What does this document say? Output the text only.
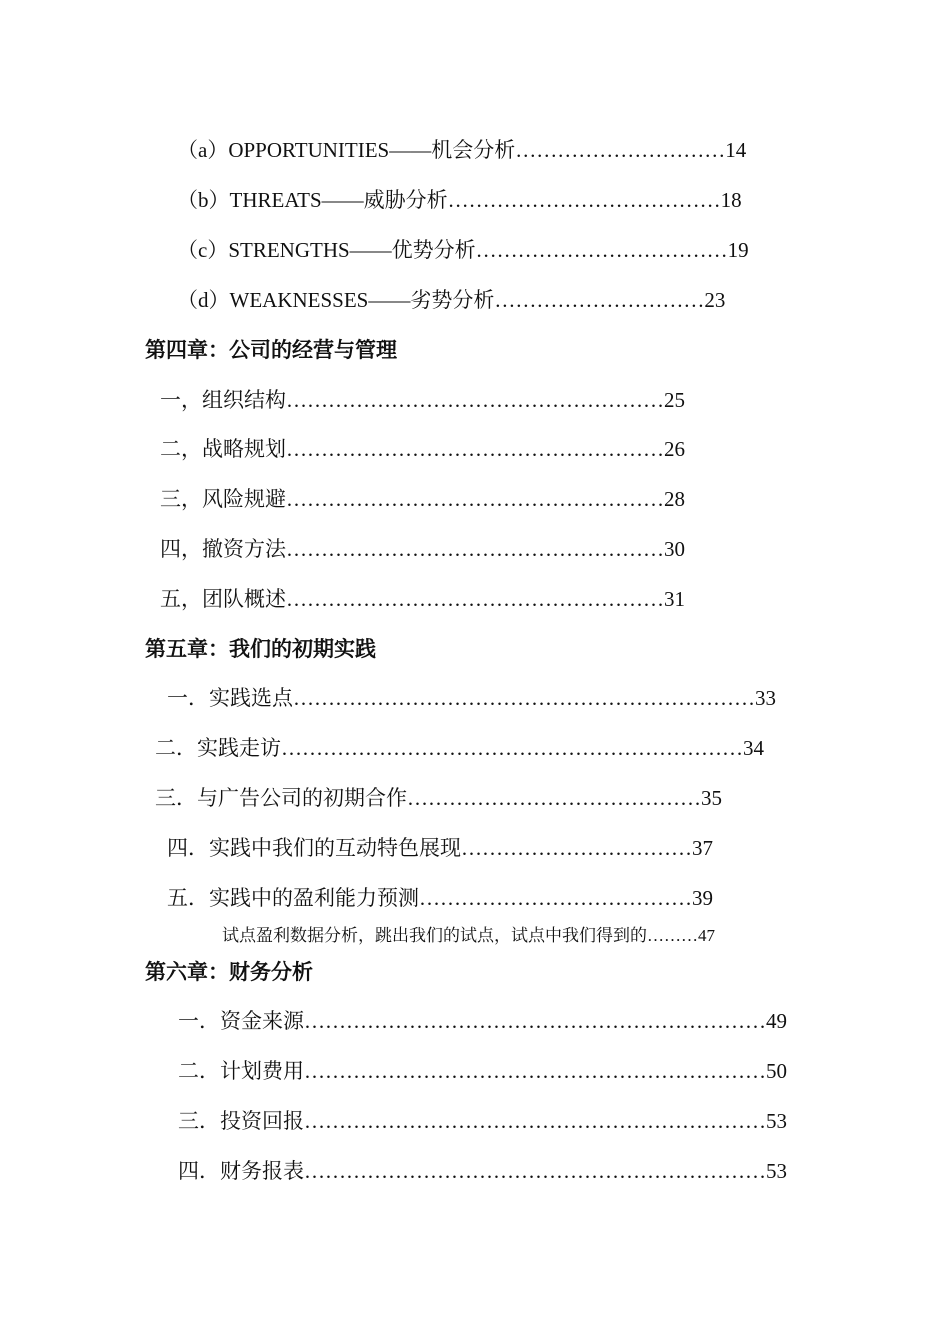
（a）OPPORTUNITIES——机会分析…………………………14
（b）THREATS——威胁分析…………………………………18
（c）STRENGTHS——优势分析………………………………19
（d）WEAKNESSES——劣势分析…………………………23
第四章：公司的经营与管理
一，组织结构………………………………………………25
二，战略规划………………………………………………26
三，风险规避………………………………………………28
四，撤资方法………………………………………………30
五，团队概述………………………………………………31
第五章：我们的初期实践
一．实践选点…………………………………………………………33
二．实践走访…………………………………………………………34
三．与广告公司的初期合作……………………………………35
四．实践中我们的互动特色展现……………………………37
五．实践中的盈利能力预测…………………………………39
试点盈利数据分析，跳出我们的试点，试点中我们得到的………47
第六章：财务分析
一．资金来源…………………………………………………………49
二．计划费用…………………………………………………………50
三．投资回报…………………………………………………………53
四．财务报表…………………………………………………………53
